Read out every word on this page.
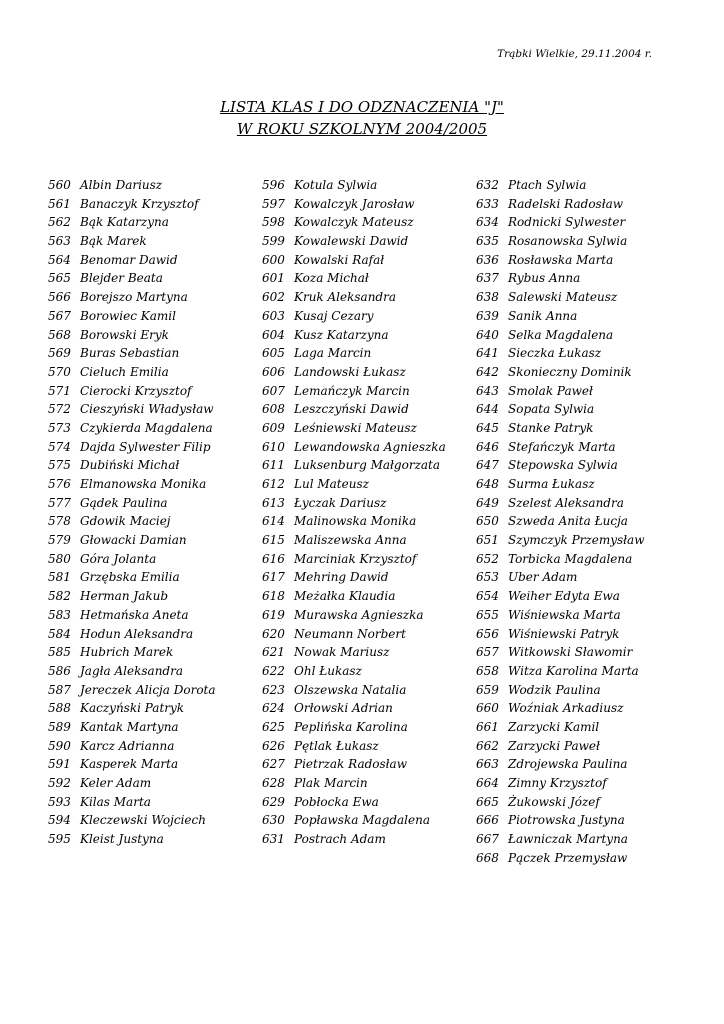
Trąbki Wielkie, 29.11.2004 r.
LISTA KLAS I DO ODZNACZENIA "J"
W ROKU SZKOLNYM 2004/2005
560 Albin Dariusz
561 Banaczyk Krzysztof
562 Bąk Katarzyna
563 Bąk Marek
564 Benomar Dawid
565 Blejder Beata
566 Borejszo Martyna
567 Borowiec Kamil
568 Borowski Eryk
569 Buras Sebastian
570 Cieluch Emilia
571 Cierocki Krzysztof
572 Cieszyński Władysław
573 Czykierda Magdalena
574 Dajda Sylwester Filip
575 Dubiński Michał
576 Elmanowska Monika
577 Gądek Paulina
578 Gdowik Maciej
579 Głowacki Damian
580 Góra Jolanta
581 Grzębska Emilia
582 Herman Jakub
583 Hetmańska Aneta
584 Hodun Aleksandra
585 Hubrich Marek
586 Jagła Aleksandra
587 Jereczek Alicja Dorota
588 Kaczyński Patryk
589 Kantak Martyna
590 Karcz Adrianna
591 Kasperek Marta
592 Keler Adam
593 Kilas Marta
594 Kleczewski Wojciech
595 Kleist Justyna
596 Kotula Sylwia
597 Kowalczyk Jarosław
598 Kowalczyk Mateusz
599 Kowalewski Dawid
600 Kowalski Rafał
601 Koza Michał
602 Kruk Aleksandra
603 Kusaj Cezary
604 Kusz Katarzyna
605 Laga Marcin
606 Landowski Łukasz
607 Lemańczyk Marcin
608 Leszczyński Dawid
609 Leśniewski Mateusz
610 Lewandowska Agnieszka
611 Luksenburg Małgorzata
612 Lul Mateusz
613 Łyczak Dariusz
614 Malinowska Monika
615 Maliszewska Anna
616 Marciniak Krzysztof
617 Mehring Dawid
618 Meżałka Klaudia
619 Murawska Agnieszka
620 Neumann Norbert
621 Nowak Mariusz
622 Ohl Łukasz
623 Olszewska Natalia
624 Orłowski Adrian
625 Peplińska Karolina
626 Pętlak Łukasz
627 Pietrzak Radosław
628 Plak Marcin
629 Pobłocka Ewa
630 Popławska Magdalena
631 Postrach Adam
632 Ptach Sylwia
633 Radelski Radosław
634 Rodnicki Sylwester
635 Rosanowska Sylwia
636 Rosławska Marta
637 Rybus Anna
638 Salewski Mateusz
639 Sanik Anna
640 Selka Magdalena
641 Sieczka Łukasz
642 Skonieczny Dominik
643 Smolak Paweł
644 Sopata Sylwia
645 Stanke Patryk
646 Stefańczyk Marta
647 Stepowska Sylwia
648 Surma Łukasz
649 Szelest Aleksandra
650 Szweda Anita Łucja
651 Szymczyk Przemysław
652 Torbicka Magdalena
653 Uber Adam
654 Weiher Edyta Ewa
655 Wiśniewska Marta
656 Wiśniewski Patryk
657 Witkowski Sławomir
658 Witza Karolina Marta
659 Wodzik Paulina
660 Woźniak Arkadiusz
661 Zarzycki Kamil
662 Zarzycki Paweł
663 Zdrojewska Paulina
664 Zimny Krzysztof
665 Żukowski Józef
666 Piotrowska Justyna
667 Ławniczak Martyna
668 Pączek Przemysław
